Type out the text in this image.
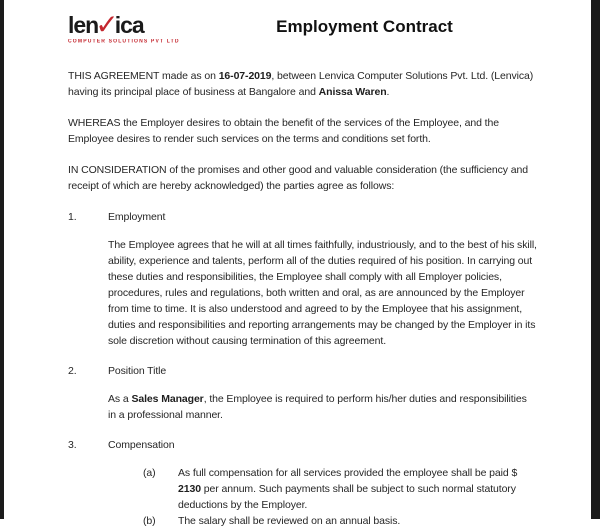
len✓ica
COMPUTER SOLUTIONS PVT LTD
Employment Contract

THIS AGREEMENT made as on 16-07-2019, between Lenvica Computer Solutions Pvt. Ltd. (Lenvica) having its principal place of business at Bangalore and Anissa Waren.

WHEREAS the Employer desires to obtain the benefit of the services of the Employee, and the Employee desires to render such services on the terms and conditions set forth.

IN CONSIDERATION of the promises and other good and valuable consideration (the sufficiency and receipt of which are hereby acknowledged) the parties agree as follows:

1.	Employment

The Employee agrees that he will at all times faithfully, industriously, and to the best of his skill, ability, experience and talents, perform all of the duties required of his position. In carrying out these duties and responsibilities, the Employee shall comply with all Employer policies, procedures, rules and regulations, both written and oral, as are announced by the Employer from time to time. It is also understood and agreed to by the Employee that his assignment, duties and responsibilities and reporting arrangements may be changed by the Employer in its sole discretion without causing termination of this agreement.

2.	Position Title

As a Sales Manager, the Employee is required to perform his/her duties and responsibilities in a professional manner.

3.	Compensation
(a)	As full compensation for all services provided the employee shall be paid $ 2130 per annum. Such payments shall be subject to such normal statutory deductions by the Employer.

(b)	The salary shall be reviewed on an annual basis.
